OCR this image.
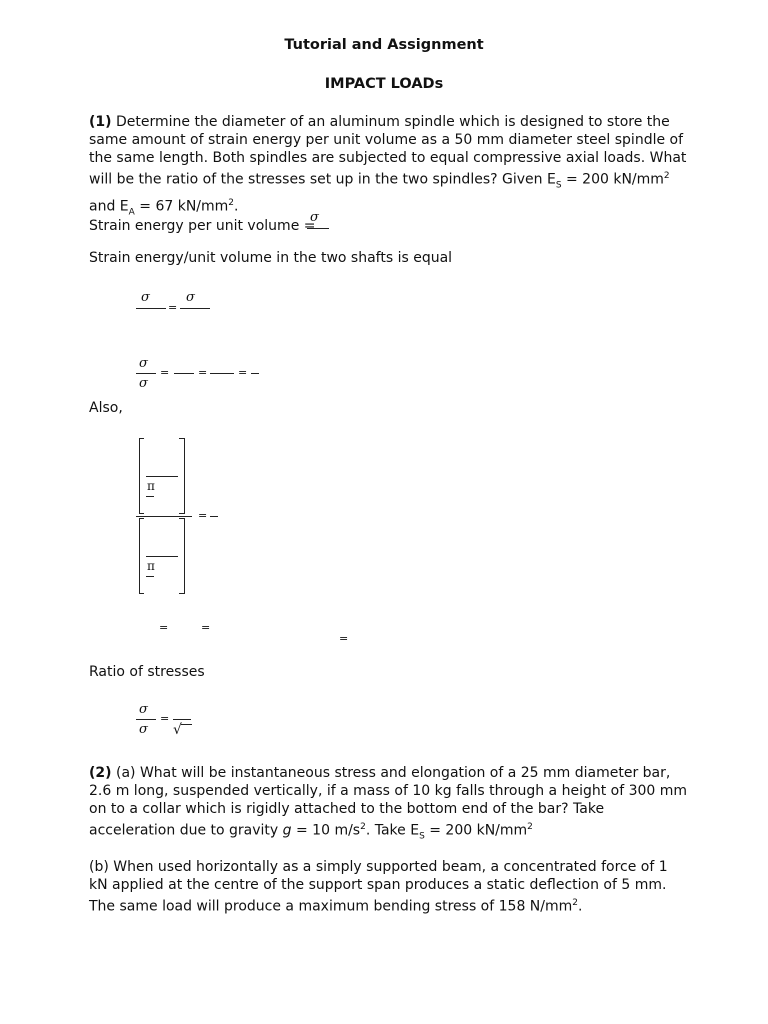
Tutorial and Assignment
IMPACT LOADs
(1) Determine the diameter of an aluminum spindle which is designed to store the same amount of strain energy per unit volume as a 50 mm diameter steel spindle of the same length. Both spindles are subjected to equal compressive axial loads. What will be the ratio of the stresses set up in the two spindles? Given $E_S = 200$ $kN/mm^2$ and $E_A = 67$ $kN/mm^2$.
Strain energy per unit volume =
σ
Strain energy/unit volume in the two shafts is equal
σ	σ
=
σ
σ
=	=	=
Also,
π
=
π
=	=
=
Ratio of stresses
σ
σ
=
√
(2) (a) What will be instantaneous stress and elongation of a 25 mm diameter bar, 2.6 m long, suspended vertically, if a mass of 10 kg falls through a height of 300 mm on to a collar which is rigidly attached to the bottom end of the bar? Take acceleration due to gravity g = 10 $m/s^2$. Take $E_S = 200$ $kN/mm^2$
(b) When used horizontally as a simply supported beam, a concentrated force of 1 kN applied at the centre of the support span produces a static deflection of 5 mm. The same load will produce a maximum bending stress of 158 $N/mm^2$.
